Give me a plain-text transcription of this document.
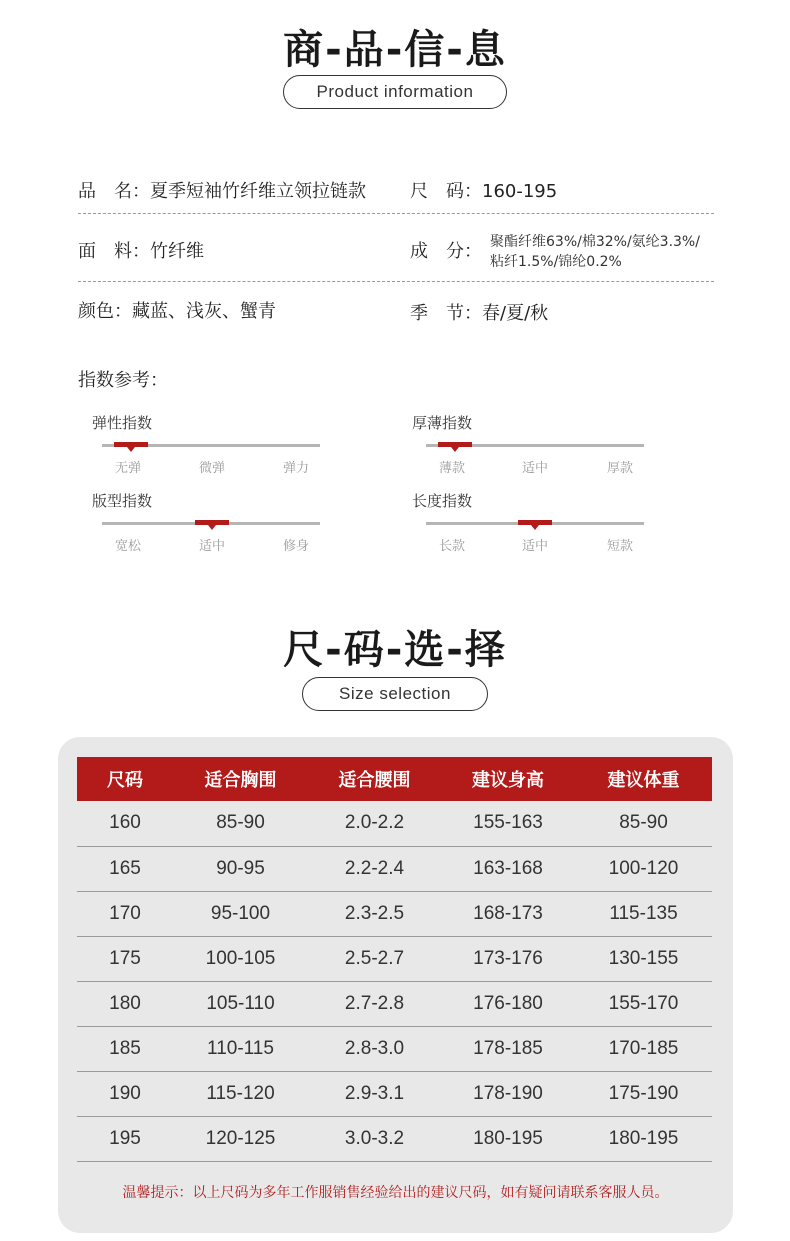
商-品-信-息
Product information
品　名：夏季短袖竹纤维立领拉链款 尺　码：160-195
面　料：竹纤维	成　分： 聚酯纤维63%/棉32%/氨纶3.3%/
粘纤1.5%/锦纶0.2%
颜色：藏蓝、浅灰、蟹青	季　节：春/夏/秋
指数参考：
弹性指数
无弹	微弹	弹力
厚薄指数
薄款	适中	厚款
版型指数
宽松	适中	修身
长度指数
长款	适中	短款
尺-码-选-择
Size selection
尺码	适合胸围	适合腰围	建议身高	建议体重
160	85-90	2.0-2.2	155-163	85-90
165	90-95	2.2-2.4	163-168	100-120
170	95-100	2.3-2.5	168-173	115-135
175	100-105	2.5-2.7	173-176	130-155
180	105-110	2.7-2.8	176-180	155-170
185	110-115	2.8-3.0	178-185	170-185
190	115-120	2.9-3.1	178-190	175-190
195	120-125	3.0-3.2	180-195	180-195
温馨提示：以上尺码为多年工作服销售经验给出的建议尺码，如有疑问请联系客服人员。
